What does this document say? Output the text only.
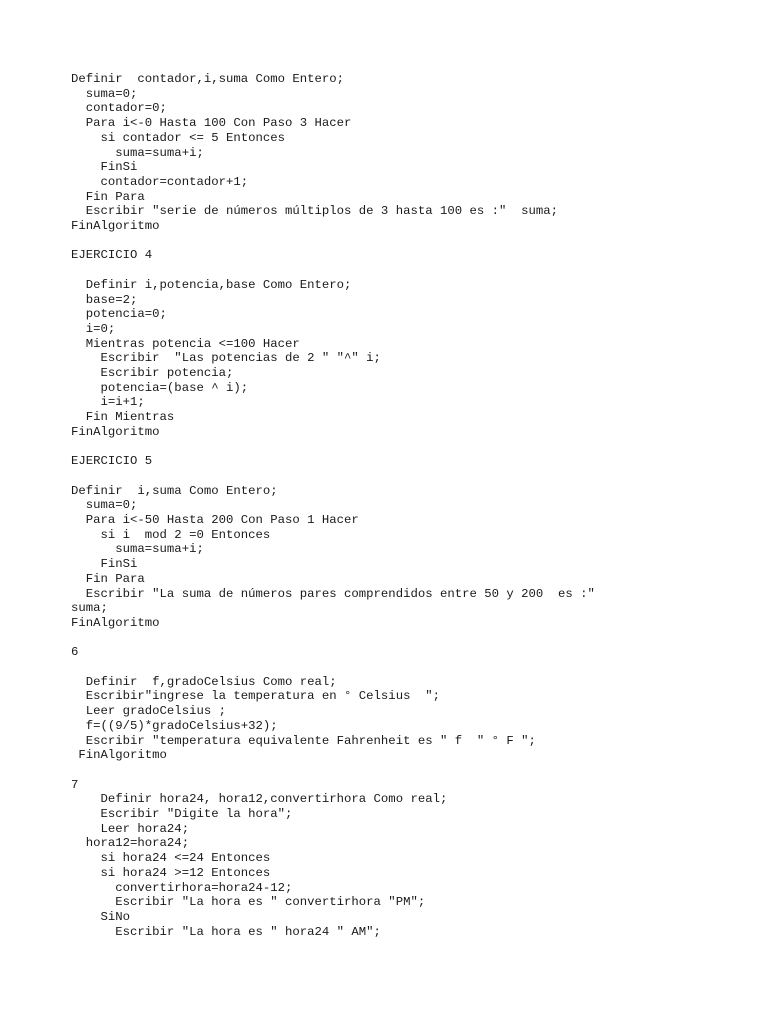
Definir  contador,i,suma Como Entero;
suma=0;
contador=0;
Para i<-0 Hasta 100 Con Paso 3 Hacer
si contador <= 5 Entonces
suma=suma+i;
FinSi
contador=contador+1;
Fin Para
Escribir "serie de números múltiplos de 3 hasta 100 es :"  suma;
FinAlgoritmo
EJERCICIO 4
Definir i,potencia,base Como Entero;
base=2;
potencia=0;
i=0;
Mientras potencia <=100 Hacer
Escribir  "Las potencias de 2 " "^" i;
Escribir potencia;
potencia=(base ^ i);
i=i+1;
Fin Mientras
FinAlgoritmo
EJERCICIO 5
Definir  i,suma Como Entero;
suma=0;
Para i<-50 Hasta 200 Con Paso 1 Hacer
si i  mod 2 =0 Entonces
suma=suma+i;
FinSi
Fin Para
Escribir "La suma de números pares comprendidos entre 50 y 200  es :"
suma;
FinAlgoritmo
6
Definir  f,gradoCelsius Como real;
Escribir"ingrese la temperatura en ° Celsius  ";
Leer gradoCelsius ;
f=((9/5)*gradoCelsius+32);
Escribir "temperatura equivalente Fahrenheit es " f  " ° F ";
FinAlgoritmo
7
Definir hora24, hora12,convertirhora Como real;
Escribir "Digite la hora";
Leer hora24;
hora12=hora24;
si hora24 <=24 Entonces
si hora24 >=12 Entonces
convertirhora=hora24-12;
Escribir "La hora es " convertirhora "PM";
SiNo
Escribir "La hora es " hora24 " AM";
